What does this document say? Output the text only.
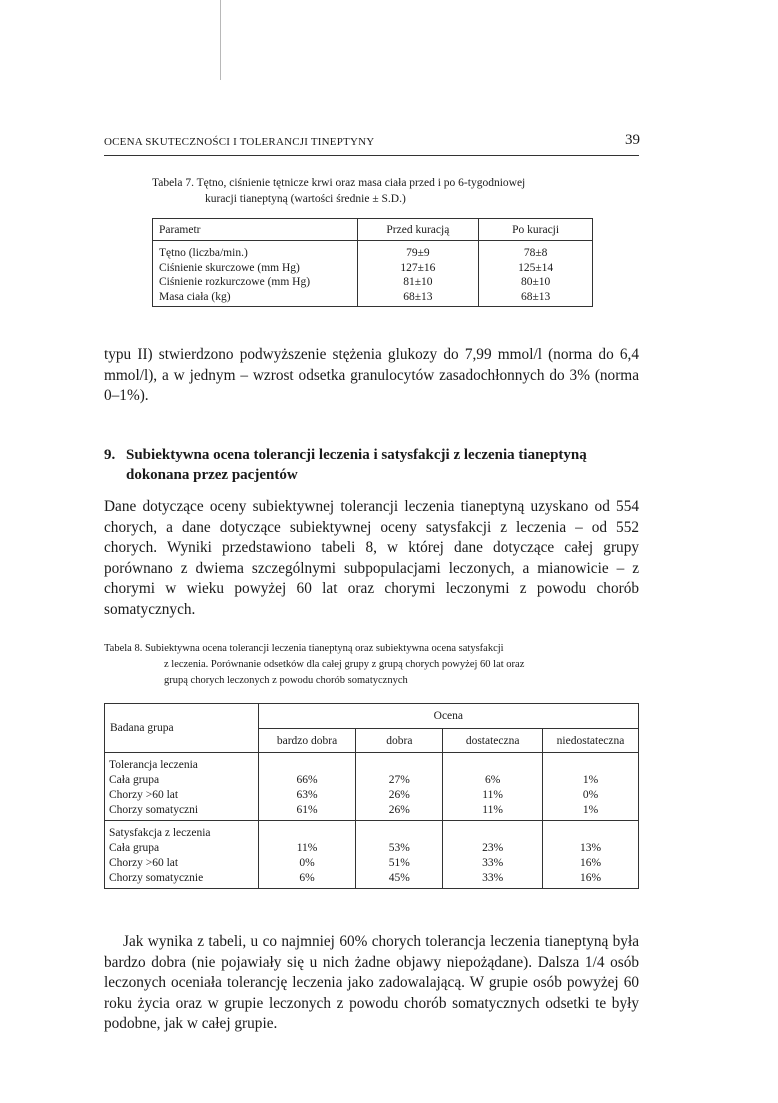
OCENA SKUTECZNOŚCI I TOLERANCJI TINEPTYNY	39
Tabela 7. Tętno, ciśnienie tętnicze krwi oraz masa ciała przed i po 6-tygodniowej
kuracji tianeptyną (wartości średnie ± S.D.)
Parametr	Przed kuracją	Po kuracji
Tętno (liczba/min.)	79±9	78±8
Ciśnienie skurczowe (mm Hg)	127±16	125±14
Ciśnienie rozkurczowe (mm Hg)	81±10	80±10
Masa ciała (kg)	68±13	68±13
typu II) stwierdzono podwyższenie stężenia glukozy do 7,99 mmol/l (norma do 6,4 mmol/l), a w jednym – wzrost odsetka granulocytów zasadochłonnych do 3% (norma 0–1%).
9. Subiektywna ocena tolerancji leczenia i satysfakcji z leczenia tianeptyną
dokonana przez pacjentów
Dane dotyczące oceny subiektywnej tolerancji leczenia tianeptyną uzyskano od 554 chorych, a dane dotyczące subiektywnej oceny satysfakcji z leczenia – od 552 chorych. Wyniki przedstawiono tabeli 8, w której dane dotyczące całej grupy porównano z dwiema szczególnymi subpopulacjami leczonych, a mianowicie – z chorymi w wieku powyżej 60 lat oraz chorymi leczonymi z powodu chorób somatycznych.
Tabela 8. Subiektywna ocena tolerancji leczenia tianeptyną oraz subiektywna ocena satysfakcji
z leczenia. Porównanie odsetków dla całej grupy z grupą chorych powyżej 60 lat oraz
grupą chorych leczonych z powodu chorób somatycznych
Badana grupa	Ocena			
	bardzo dobra	dobra	dostateczna	niedostateczna
Tolerancja leczenia				
Cała grupa	66%	27%	6%	1%
Chorzy >60 lat	63%	26%	11%	0%
Chorzy somatyczni	61%	26%	11%	1%
Satysfakcja z leczenia				
Cała grupa	11%	53%	23%	13%
Chorzy >60 lat	0%	51%	33%	16%
Chorzy somatycznie	6%	45%	33%	16%
Jak wynika z tabeli, u co najmniej 60% chorych tolerancja leczenia tianeptyną była bardzo dobra (nie pojawiały się u nich żadne objawy niepożądane). Dalsza 1/4 osób leczonych oceniała tolerancję leczenia jako zadowalającą. W grupie osób powyżej 60 roku życia oraz w grupie leczonych z powodu chorób somatycznych odsetki te były podobne, jak w całej grupie.
